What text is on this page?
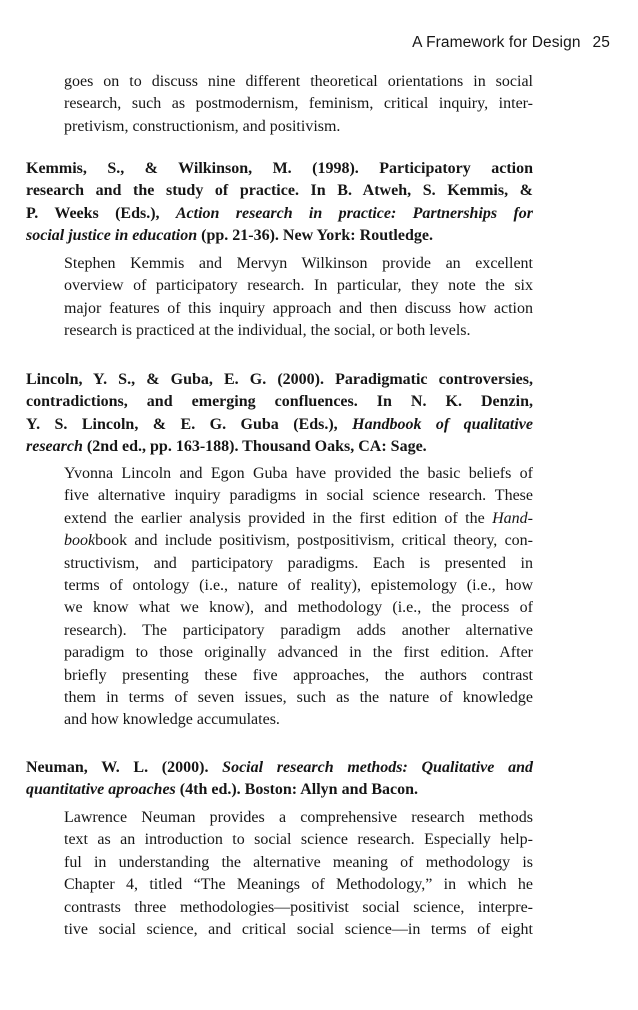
A Framework for Design 25
goes on to discuss nine different theoretical orientations in social
research, such as postmodernism, feminism, critical inquiry, inter-
pretivism, constructionism, and positivism.
Kemmis, S., & Wilkinson, M. (1998). Participatory action
research and the study of practice. In B. Atweh, S. Kemmis, &
P. Weeks (Eds.), Action research in practice: Partnerships for
social justice in education (pp. 21-36). New York: Routledge.
Stephen Kemmis and Mervyn Wilkinson provide an excellent
overview of participatory research. In particular, they note the six
major features of this inquiry approach and then discuss how action
research is practiced at the individual, the social, or both levels.
Lincoln, Y. S., & Guba, E. G. (2000). Paradigmatic controversies,
contradictions, and emerging confluences. In N. K. Denzin,
Y. S. Lincoln, & E. G. Guba (Eds.), Handbook of qualitative
research (2nd ed., pp. 163-188). Thousand Oaks, CA: Sage.
Yvonna Lincoln and Egon Guba have provided the basic beliefs of
five alternative inquiry paradigms in social science research. These
extend the earlier analysis provided in the first edition of the Hand-
bookbook and include positivism, postpositivism, critical theory, con-
structivism, and participatory paradigms. Each is presented in
terms of ontology (i.e., nature of reality), epistemology (i.e., how
we know what we know), and methodology (i.e., the process of
research). The participatory paradigm adds another alternative
paradigm to those originally advanced in the first edition. After
briefly presenting these five approaches, the authors contrast
them in terms of seven issues, such as the nature of knowledge
and how knowledge accumulates.
Neuman, W. L. (2000). Social research methods: Qualitative and
quantitative aproaches (4th ed.). Boston: Allyn and Bacon.
Lawrence Neuman provides a comprehensive research methods
text as an introduction to social science research. Especially help-
ful in understanding the alternative meaning of methodology is
Chapter 4, titled “The Meanings of Methodology,” in which he
contrasts three methodologies—positivist social science, interpre-
tive social science, and critical social science—in terms of eight
